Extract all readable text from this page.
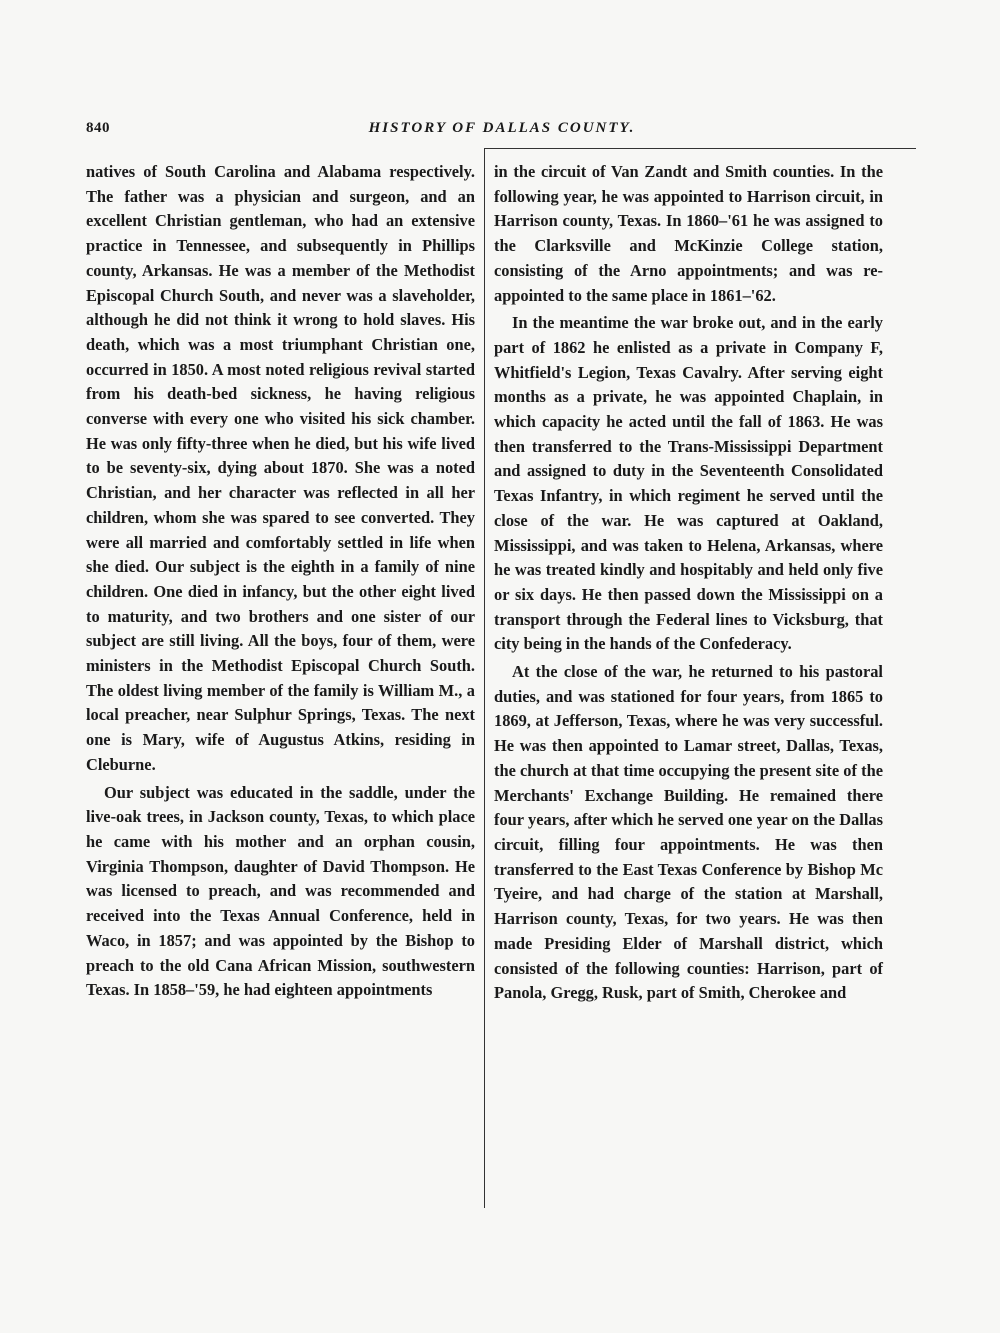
840	HISTORY OF DALLAS COUNTY.

natives of South Carolina and Alabama respectively. The father was a physician and surgeon, and an excellent Christian gentleman, who had an extensive practice in Tennessee, and subsequently in Phillips county, Arkansas. He was a member of the Methodist Episcopal Church South, and never was a slaveholder, although he did not think it wrong to hold slaves. His death, which was a most triumphant Christian one, occurred in 1850. A most noted religious revival started from his death-bed sickness, he having religious converse with every one who visited his sick chamber. He was only fifty-three when he died, but his wife lived to be seventy-six, dying about 1870. She was a noted Christian, and her character was reflected in all her children, whom she was spared to see converted. They were all married and comfortably settled in life when she died. Our subject is the eighth in a family of nine children. One died in infancy, but the other eight lived to maturity, and two brothers and one sister of our subject are still living. All the boys, four of them, were ministers in the Methodist Episcopal Church South. The oldest living member of the family is William M., a local preacher, near Sulphur Springs, Texas. The next one is Mary, wife of Augustus Atkins, residing in Cleburne.

Our subject was educated in the saddle, under the live-oak trees, in Jackson county, Texas, to which place he came with his mother and an orphan cousin, Virginia Thompson, daughter of David Thompson. He was licensed to preach, and was recommended and received into the Texas Annual Conference, held in Waco, in 1857; and was appointed by the Bishop to preach to the old Cana African Mission, southwestern Texas. In 1858–'59, he had eighteen appointments

in the circuit of Van Zandt and Smith counties. In the following year, he was appointed to Harrison circuit, in Harrison county, Texas. In 1860–'61 he was assigned to the Clarksville and McKinzie College station, consisting of the Arno appointments; and was re-appointed to the same place in 1861–'62.

In the meantime the war broke out, and in the early part of 1862 he enlisted as a private in Company F, Whitfield's Legion, Texas Cavalry. After serving eight months as a private, he was appointed Chaplain, in which capacity he acted until the fall of 1863. He was then transferred to the Trans-Mississippi Department and assigned to duty in the Seventeenth Consolidated Texas Infantry, in which regiment he served until the close of the war. He was captured at Oakland, Mississippi, and was taken to Helena, Arkansas, where he was treated kindly and hospitably and held only five or six days. He then passed down the Mississippi on a transport through the Federal lines to Vicksburg, that city being in the hands of the Confederacy.

At the close of the war, he returned to his pastoral duties, and was stationed for four years, from 1865 to 1869, at Jefferson, Texas, where he was very successful. He was then appointed to Lamar street, Dallas, Texas, the church at that time occupying the present site of the Merchants' Exchange Building. He remained there four years, after which he served one year on the Dallas circuit, filling four appointments. He was then transferred to the East Texas Conference by Bishop Mc Tyeire, and had charge of the station at Marshall, Harrison county, Texas, for two years. He was then made Presiding Elder of Marshall district, which consisted of the following counties: Harrison, part of Panola, Gregg, Rusk, part of Smith, Cherokee and
